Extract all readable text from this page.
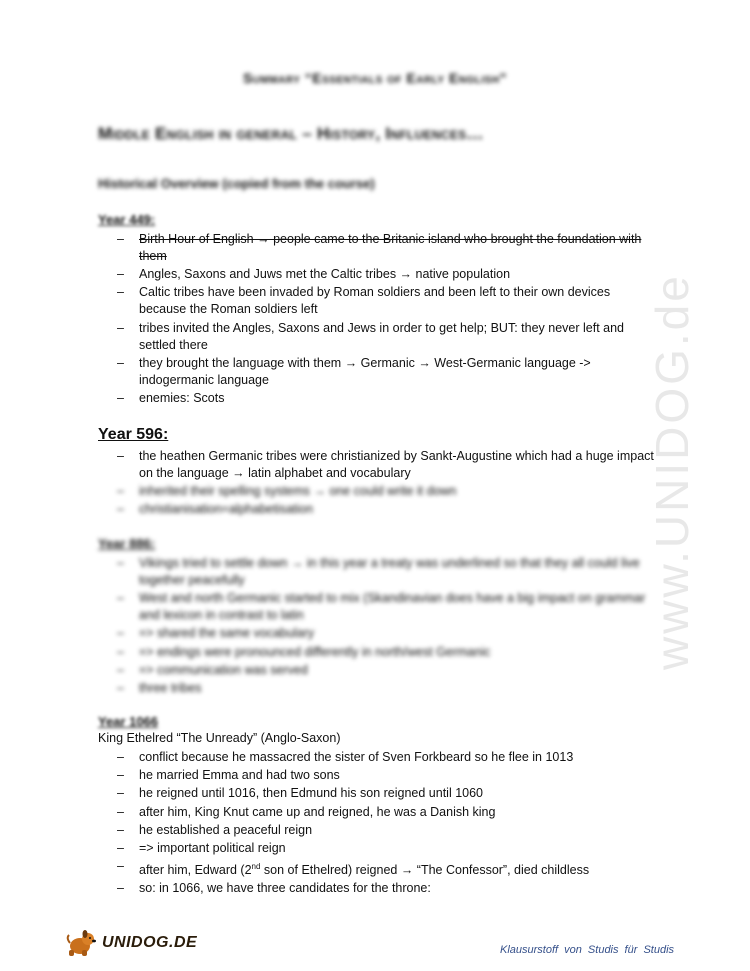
www.UNIDOG.de
Summary “Essentials of Early English”
Middle English in general – History, Influences…
Historical Overview (copied from the course)
Year 449:
– Birth Hour of English → people came to the Britanic island who brought the foundation with them
– Angles, Saxons and Juws met the Caltic tribes → native population
– Caltic tribes have been invaded by Roman soldiers and been left to their own devices because the Roman soldiers left
– tribes invited the Angles, Saxons and Jews in order to get help; BUT: they never left and settled there
– they brought the language with them → Germanic → West-Germanic language -> indogermanic language
– enemies: Scots
Year 596:
– the heathen Germanic tribes were christianized by Sankt-Augustine which had a huge impact on the language → latin alphabet and vocabulary
– inherited their spelling systems → one could write it down
– christianisation=alphabetisation
Year 886:
– Vikings tried to settle down → in this year a treaty was underlined so that they all could live together peacefully
– West and north Germanic started to mix (Skandinavian does have a big impact on grammar and lexicon in contrast to latin
– => shared the same vocabulary
– => endings were pronounced differently in north/west Germanic
– => communication was served
– three tribes
Year 1066
King Ethelred “The Unready” (Anglo-Saxon)
– conflict because he massacred the sister of Sven Forkbeard so he flee in 1013
– he married Emma and had two sons
– he reigned until 1016, then Edmund his son reigned until 1060
– after him, King Knut came up and reigned, he was a Danish king
– he established a peaceful reign
– => important political reign
– after him, Edward (2nd son of Ethelred) reigned → “The Confessor”, died childless
– so: in 1066, we have three candidates for the throne:
UNIDOG.DE	Klausurstoff von Studis für Studis
